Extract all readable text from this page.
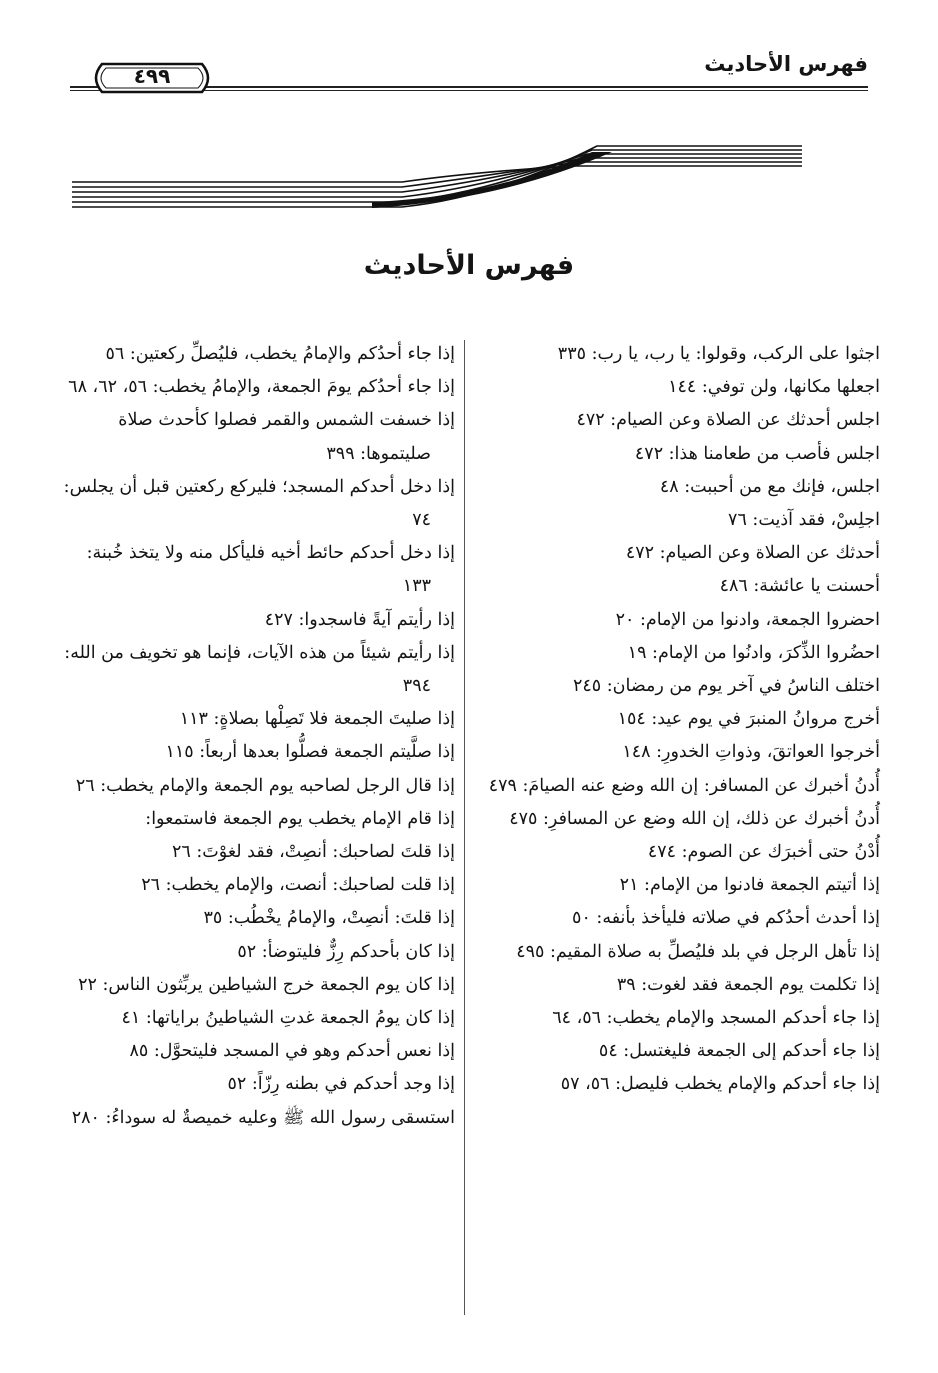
فهرس الأحاديث
٤٩٩
فهرس الأحاديث

اجثوا على الركب، وقولوا: يا رب، يا رب: ٣٣٥

اجعلها مكانها، ولن توفي: ١٤٤

اجلس أحدثك عن الصلاة وعن الصيام: ٤٧٢

اجلس فأصب من طعامنا هذا: ٤٧٢

اجلس، فإنك مع من أحببت: ٤٨

اجلِسْ، فقد آذيت: ٧٦

أحدثك عن الصلاة وعن الصيام: ٤٧٢

أحسنت يا عائشة: ٤٨٦

احضروا الجمعة، وادنوا من الإمام: ٢٠

احضُروا الذِّكرَ، وادنُوا من الإمام: ١٩

اختلف الناسُ في آخر يوم من رمضان: ٢٤٥

أخرج مروانُ المنبرَ في يوم عيد: ١٥٤

أخرجوا العواتقَ، وذواتِ الخدورِ: ١٤٨

أُدنُ أخبرك عن المسافر: إن الله وضع عنه الصيامَ: ٤٧٩

أُدنُ أخبرك عن ذلك، إن الله وضع عن المسافرِ: ٤٧٥

أُدْنُ حتى أخبرَك عن الصوم: ٤٧٤

إذا أتيتم الجمعة فادنوا من الإمام: ٢١

إذا أحدث أحدُكم في صلاته فليأخذ بأنفه: ٥٠

إذا تأهل الرجل في بلد فليُصلِّ به صلاة المقيم: ٤٩٥

إذا تكلمت يوم الجمعة فقد لغوت: ٣٩

إذا جاء أحدكم المسجد والإمام يخطب: ٥٦، ٦٤

إذا جاء أحدكم إلى الجمعة فليغتسل: ٥٤

إذا جاء أحدكم والإمام يخطب فليصل: ٥٦، ٥٧

إذا جاء أحدُكم والإمامُ يخطب، فليُصلِّ ركعتين: ٥٦

إذا جاء أحدُكم يومَ الجمعة، والإمامُ يخطب: ٥٦، ٦٢، ٦٨

إذا خسفت الشمس والقمر فصلوا كأحدث صلاة صليتموها: ٣٩٩

إذا دخل أحدكم المسجد؛ فليركع ركعتين قبل أن يجلس: ٧٤

إذا دخل أحدكم حائط أخيه فليأكل منه ولا يتخذ خُبنة: ١٣٣

إذا رأيتم آيةً فاسجدوا: ٤٢٧

إذا رأيتم شيئاً من هذه الآيات، فإنما هو تخويف من الله: ٣٩٤

إذا صليتَ الجمعة فلا تَصِلْها بصلاةٍ: ١١٣

إذا صلَّيتم الجمعة فصلُّوا بعدها أربعاً: ١١٥

إذا قال الرجل لصاحبه يوم الجمعة والإمام يخطب: ٢٦

إذا قام الإمام يخطب يوم الجمعة فاستمعوا:

إذا قلتَ لصاحبك: أنصِتْ، فقد لغوْتَ: ٢٦

إذا قلت لصاحبك: أنصت، والإمام يخطب: ٢٦

إذا قلتَ: أنصِتْ، والإمامُ يخْطُب: ٣٥

إذا كان بأحدكم رِزٌّ فليتوضأ: ٥٢

إذا كان يوم الجمعة خرج الشياطين يربِّثون الناس: ٢٢

إذا كان يومُ الجمعة غدتِ الشياطينُ براياتها: ٤١

إذا نعس أحدكم وهو في المسجد فليتحوَّل: ٨٥

إذا وجد أحدكم في بطنه رِزّاً: ٥٢

استسقى رسول الله ﷺ وعليه خميصةٌ له سوداءُ: ٢٨٠
